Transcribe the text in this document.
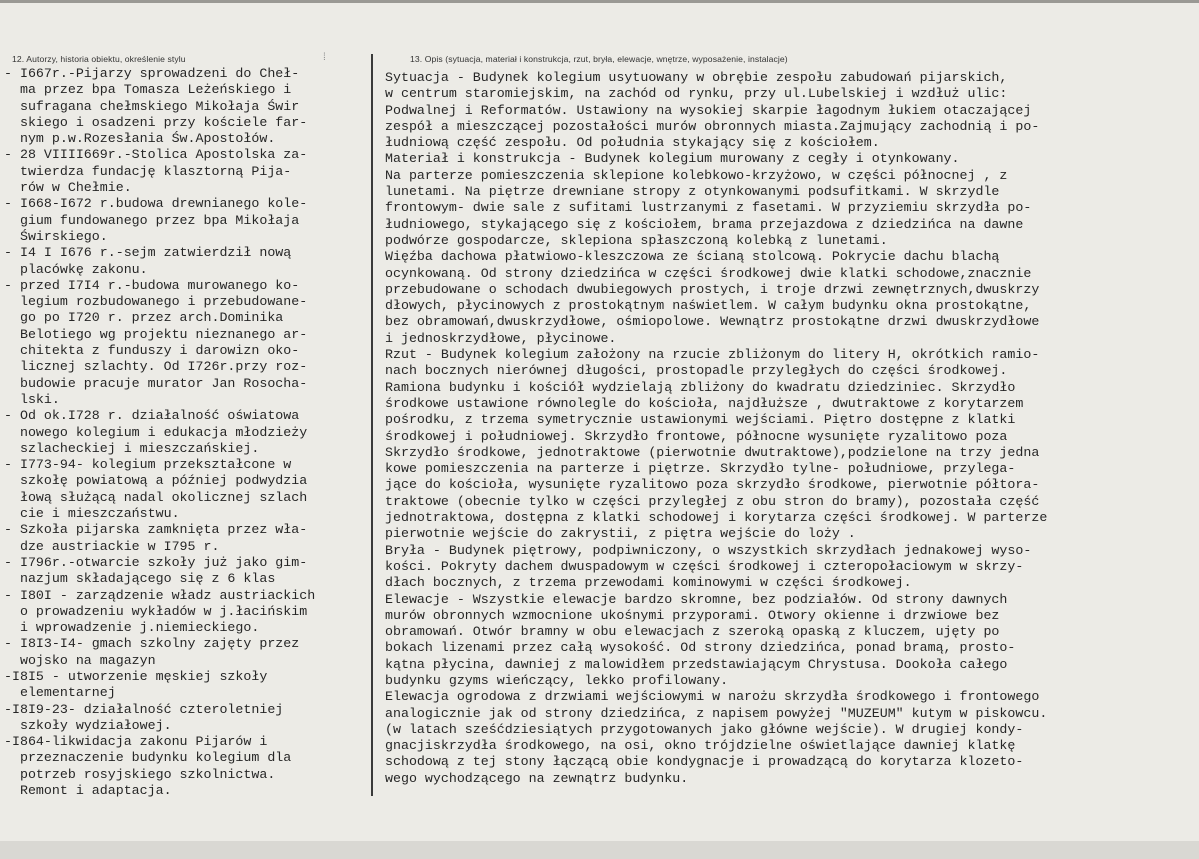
12. Autorzy, historia obiektu, określenie stylu	⁞	13. Opis (sytuacja, materiał i konstrukcja, rzut, bryła, elewacje, wnętrze, wyposażenie, instalacje)
- I667r.-Pijarzy sprowadzeni do Cheł-
ma przez bpa Tomasza Leżeńskiego i
sufragana chełmskiego Mikołaja Świr
skiego i osadzeni przy kościele far-
nym p.w.Rozesłania Św.Apostołów.
- 28 VIIII669r.-Stolica Apostolska za-
twierdza fundację klasztorną Pija-
rów w Chełmie.
- I668-I672 r.budowa drewnianego kole-
gium fundowanego przez bpa Mikołaja
Świrskiego.
- I4 I I676 r.-sejm zatwierdził nową
placówkę zakonu.
- przed I7I4 r.-budowa murowanego ko-
legium rozbudowanego i przebudowane-
go po I720 r. przez arch.Dominika
Belotiego wg projektu nieznanego ar-
chitekta z funduszy i darowizn oko-
licznej szlachty. Od I726r.przy roz-
budowie pracuje murator Jan Rosocha-
lski.
- Od ok.I728 r. działalność oświatowa
nowego kolegium i edukacja młodzieży
szlacheckiej i mieszczańskiej.
- I773-94- kolegium przekształcone w
szkołę powiatową a później podwydzia
łową służącą nadal okolicznej szlach
cie i mieszczaństwu.
- Szkoła pijarska zamknięta przez wła-
dze austriackie w I795 r.
- I796r.-otwarcie szkoły już jako gim-
nazjum składającego się z 6 klas
- I80I - zarządzenie władz austriackich
o prowadzeniu wykładów w j.łacińskim
i wprowadzenie j.niemieckiego.
- I8I3-I4- gmach szkolny zajęty przez
wojsko na magazyn
-I8I5 - utworzenie męskiej szkoły
elementarnej
-I8I9-23- działalność czteroletniej
szkoły wydziałowej.
-I864-likwidacja zakonu Pijarów i
przeznaczenie budynku kolegium dla
potrzeb rosyjskiego szkolnictwa.
Remont i adaptacja.
Sytuacja - Budynek kolegium usytuowany w obrębie zespołu zabudowań pijarskich,
w centrum staromiejskim, na zachód od rynku, przy ul.Lubelskiej i wzdłuż ulic:
Podwalnej i Reformatów. Ustawiony na wysokiej skarpie łagodnym łukiem otaczającej
zespół a mieszczącej pozostałości murów obronnych miasta.Zajmujący zachodnią i po-
łudniową część zespołu. Od południa stykający się z kościołem.
Materiał i konstrukcja - Budynek kolegium murowany z cegły i otynkowany.
Na parterze pomieszczenia sklepione kolebkowo-krzyżowo, w części północnej , z
lunetami. Na piętrze drewniane stropy z otynkowanymi podsufitkami. W skrzydle
frontowym- dwie sale z sufitami lustrzanymi z fasetami. W przyziemiu skrzydła po-
łudniowego, stykającego się z kościołem, brama przejazdowa z dziedzińca na dawne
podwórze gospodarcze, sklepiona spłaszczoną kolebką z lunetami.
Więźba dachowa płatwiowo-kleszczowa ze ścianą stolcową. Pokrycie dachu blachą
ocynkowaną. Od strony dziedzińca w części środkowej dwie klatki schodowe,znacznie
przebudowane o schodach dwubiegowych prostych, i troje drzwi zewnętrznych,dwuskrzy
dłowych, płycinowych z prostokątnym naświetlem. W całym budynku okna prostokątne,
bez obramowań,dwuskrzydłowe, ośmiopolowe. Wewnątrz prostokątne drzwi dwuskrzydłowe
i jednoskrzydłowe, płycinowe.
Rzut - Budynek kolegium założony na rzucie zbliżonym do litery H, okrótkich ramio-
nach bocznych nierównej długości, prostopadle przyległych do części środkowej.
Ramiona budynku i kościół wydzielają zbliżony do kwadratu dziedziniec. Skrzydło
środkowe ustawione równolegle do kościoła, najdłuższe , dwutraktowe z korytarzem
pośrodku, z trzema symetrycznie ustawionymi wejściami. Piętro dostępne z klatki
środkowej i południowej. Skrzydło frontowe, północne wysunięte ryzalitowo poza
Skrzydło środkowe, jednotraktowe (pierwotnie dwutraktowe),podzielone na trzy jedna
kowe pomieszczenia na parterze i piętrze. Skrzydło tylne- południowe, przylega-
jące do kościoła, wysunięte ryzalitowo poza skrzydło środkowe, pierwotnie półtora-
traktowe (obecnie tylko w części przyległej z obu stron do bramy), pozostała część
jednotraktowa, dostępna z klatki schodowej i korytarza części środkowej. W parterze
pierwotnie wejście do zakrystii, z piętra wejście do loży .
Bryła - Budynek piętrowy, podpiwniczony, o wszystkich skrzydłach jednakowej wyso-
kości. Pokryty dachem dwuspadowym w części środkowej i czteropołaciowym w skrzy-
dłach bocznych, z trzema przewodami kominowymi w części środkowej.
Elewacje - Wszystkie elewacje bardzo skromne, bez podziałów. Od strony dawnych
murów obronnych wzmocnione ukośnymi przyporami. Otwory okienne i drzwiowe bez
obramowań. Otwór bramny w obu elewacjach z szeroką opaską z kluczem, ujęty po
bokach lizenami przez całą wysokość. Od strony dziedzińca, ponad bramą, prosto-
kątna płycina, dawniej z malowidłem przedstawiającym Chrystusa. Dookoła całego
budynku gzyms wieńczący, lekko profilowany.
Elewacja ogrodowa z drzwiami wejściowymi w narożu skrzydła środkowego i frontowego
analogicznie jak od strony dziedzińca, z napisem powyżej "MUZEUM" kutym w piskowcu.
(w latach sześćdziesiątych przygotowanych jako główne wejście). W drugiej kondy-
gnacjiskrzydła środkowego, na osi, okno trójdzielne oświetlające dawniej klatkę
schodową z tej stony łączącą obie kondygnacje i prowadzącą do korytarza klozeto-
wego wychodzącego na zewnątrz budynku.
